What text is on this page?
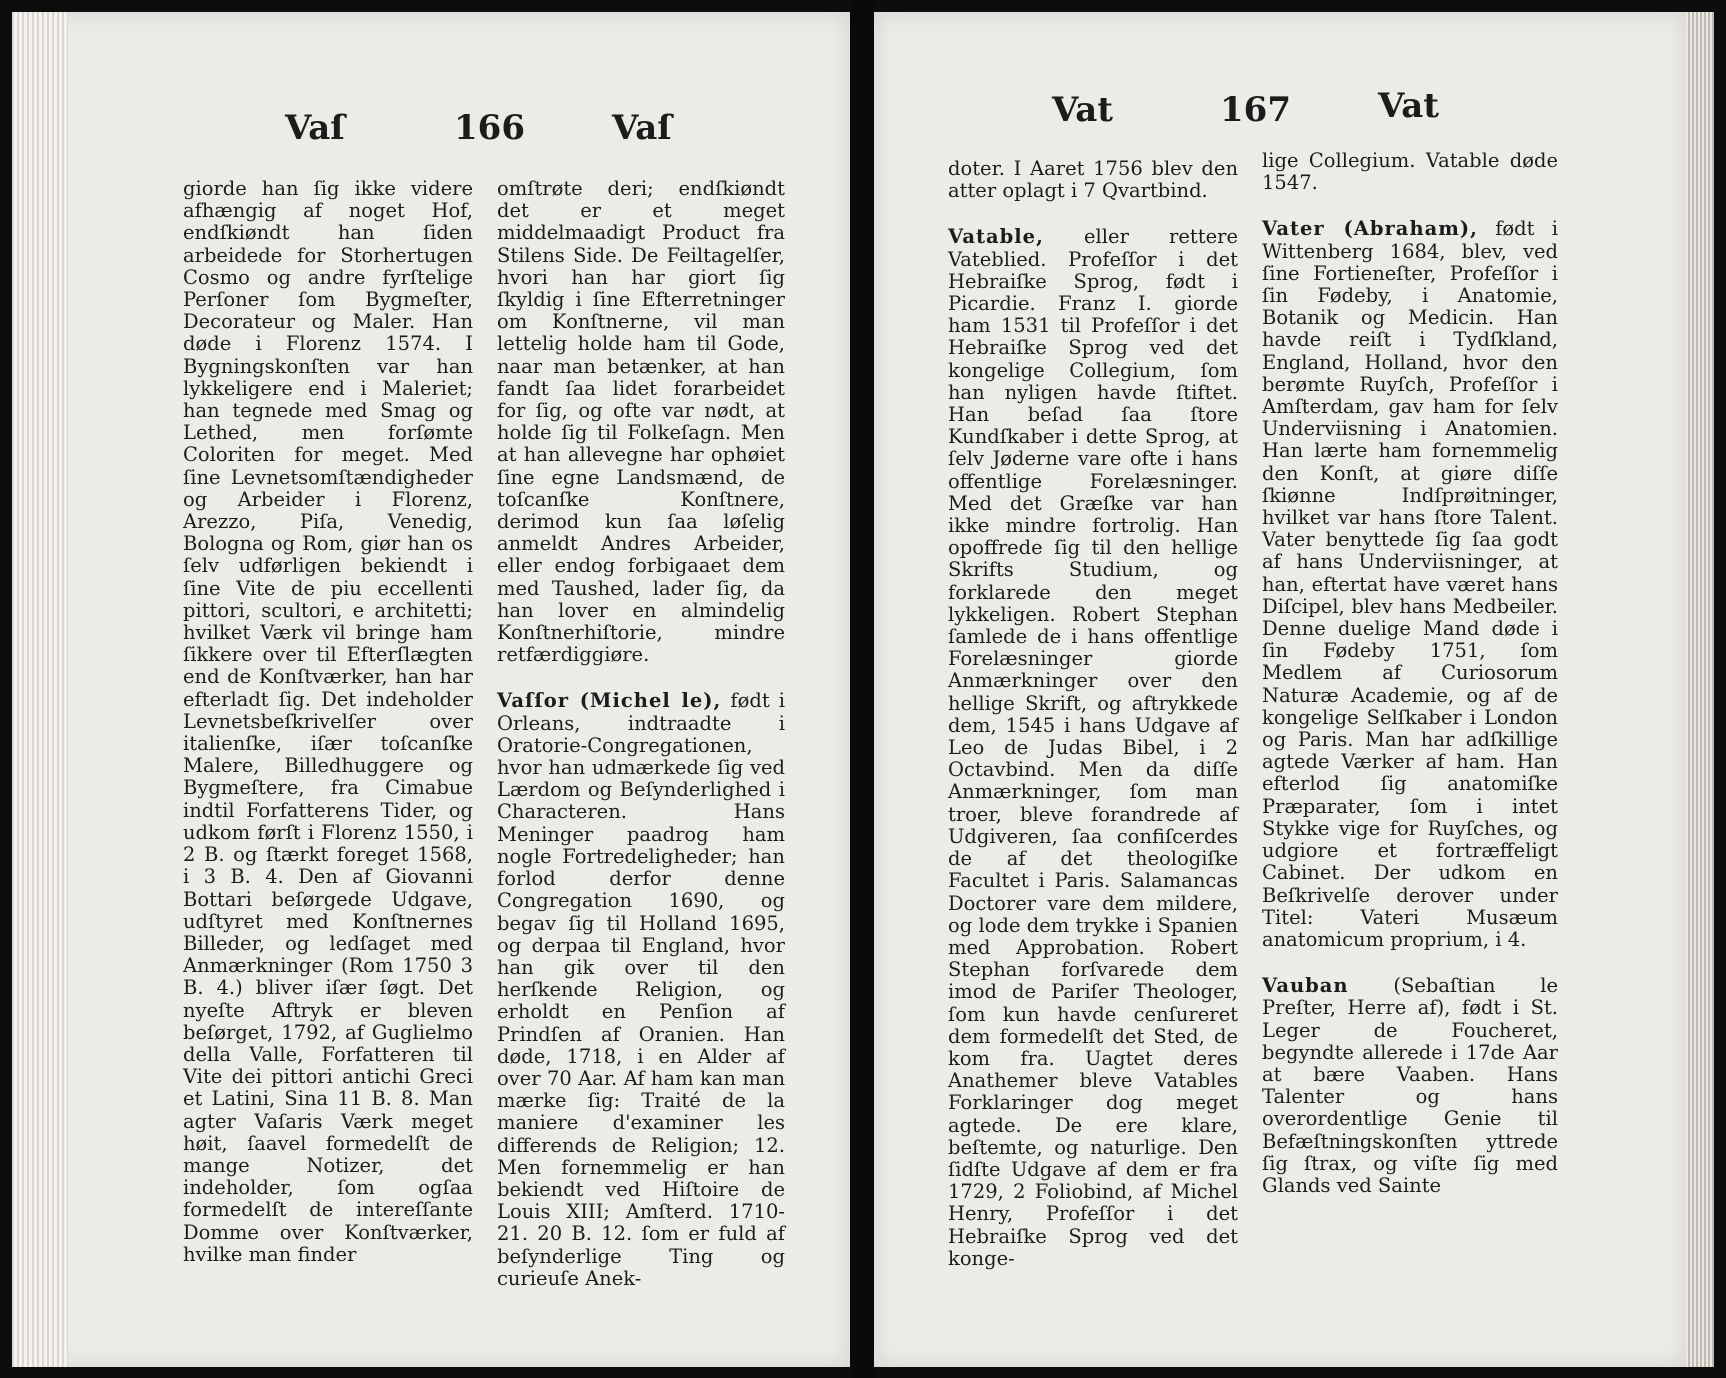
Vaſ	166	Vaſ

giorde han ſig ikke videre afhængig af noget Hof, endſkiøndt han ſiden arbeidede for Storhertugen Cosmo og andre fyrſtelige Perſoner ſom Bygmeſter, Decorateur og Maler. Han døde i Florenz 1574. I Bygningskonſten var han lykkeligere end i Maleriet; han tegnede med Smag og Lethed, men forſømte Coloriten for meget. Med ſine Levnetsomſtændigheder og Arbeider i Florenz, Arezzo, Piſa, Venedig, Bologna og Rom, giør han os ſelv udførligen bekiendt i ſine Vite de piu eccellenti pittori, scultori, e architetti; hvilket Værk vil bringe ham ſikkere over til Efterſlægten end de Konſtværker, han har efterladt ſig. Det indeholder Levnetsbeſkrivelſer over italienſke, iſær toſcanſke Malere, Billedhuggere og Bygmeſtere, fra Cimabue indtil Forfatterens Tider, og udkom førſt i Florenz 1550, i 2 B. og ſtærkt foreget 1568, i 3 B. 4. Den af Giovanni Bottari beſørgede Udgave, udſtyret med Konſtnernes Billeder, og ledſaget med Anmærkninger (Rom 1750 3 B. 4.) bliver iſær ſøgt. Det nyeſte Aftryk er bleven beſørget, 1792, af Guglielmo della Valle, Forfatteren til Vite dei pittori antichi Greci et Latini, Sina 11 B. 8. Man agter Vaſaris Værk meget høit, ſaavel formedelſt de mange Notizer, det indeholder, ſom ogſaa formedelſt de intereſſante Domme over Konſtværker, hvilke man finder

omſtrøte deri; endſkiøndt det er et meget middelmaadigt Product fra Stilens Side. De Feiltagelſer, hvori han har giort ſig ſkyldig i ſine Efterretninger om Konſtnerne, vil man lettelig holde ham til Gode, naar man betænker, at han fandt ſaa lidet forarbeidet for ſig, og ofte var nødt, at holde ſig til Folkeſagn. Men at han allevegne har ophøiet ſine egne Landsmænd, de toſcanſke Konſtnere, derimod kun ſaa løſelig anmeldt Andres Arbeider, eller endog forbigaaet dem med Taushed, lader ſig, da han lover en almindelig Konſtnerhiſtorie, mindre retfærdiggiøre.

Vaſſor (Michel le), født i Orleans, indtraadte i Oratorie-Congregationen, hvor han udmærkede ſig ved Lærdom og Beſynderlighed i Characteren. Hans Meninger paadrog ham nogle Fortredeligheder; han forlod derfor denne Congregation 1690, og begav ſig til Holland 1695, og derpaa til England, hvor han gik over til den herſkende Religion, og erholdt en Penſion af Prindſen af Oranien. Han døde, 1718, i en Alder af over 70 Aar. Af ham kan man mærke ſig: Traité de la maniere d'examiner les differends de Religion; 12. Men fornemmelig er han bekiendt ved Hiſtoire de Louis XIII; Amſterd. 1710-21. 20 B. 12. ſom er fuld af beſynderlige Ting og curieuſe Anek-

Vat	167	Vat

doter. I Aaret 1756 blev den atter oplagt i 7 Qvartbind.

Vatable, eller rettere Vateblied. Profeſſor i det Hebraiſke Sprog, født i Picardie. Franz I. giorde ham 1531 til Profeſſor i det Hebraiſke Sprog ved det kongelige Collegium, ſom han nyligen havde ſtiftet. Han beſad ſaa ſtore Kundſkaber i dette Sprog, at ſelv Jøderne vare ofte i hans offentlige Forelæsninger. Med det Græſke var han ikke mindre fortrolig. Han opoffrede ſig til den hellige Skrifts Studium, og forklarede den meget lykkeligen. Robert Stephan ſamlede de i hans offentlige Forelæsninger giorde Anmærkninger over den hellige Skrift, og aftrykkede dem, 1545 i hans Udgave af Leo de Judas Bibel, i 2 Octavbind. Men da diſſe Anmærkninger, ſom man troer, bleve forandrede af Udgiveren, ſaa confiſcerdes de af det theologiſke Facultet i Paris. Salamancas Doctorer vare dem mildere, og lode dem trykke i Spanien med Approbation. Robert Stephan forſvarede dem imod de Pariſer Theologer, ſom kun havde cenſureret dem formedelſt det Sted, de kom fra. Uagtet deres Anathemer bleve Vatables Forklaringer dog meget agtede. De ere klare, beſtemte, og naturlige. Den ſidſte Udgave af dem er fra 1729, 2 Foliobind, af Michel Henry, Profeſſor i det Hebraiſke Sprog ved det konge-

lige Collegium. Vatable døde 1547.

Vater (Abraham), født i Wittenberg 1684, blev, ved ſine Fortieneſter, Profeſſor i ſin Fødeby, i Anatomie, Botanik og Medicin. Han havde reiſt i Tydſkland, England, Holland, hvor den berømte Ruyſch, Profeſſor i Amſterdam, gav ham for ſelv Underviisning i Anatomien. Han lærte ham fornemmelig den Konſt, at giøre diſſe ſkiønne Indſprøitninger, hvilket var hans ſtore Talent. Vater benyttede ſig ſaa godt af hans Underviisninger, at han, eftertat have været hans Diſcipel, blev hans Medbeiler. Denne duelige Mand døde i ſin Fødeby 1751, ſom Medlem af Curiosorum Naturæ Academie, og af de kongelige Selſkaber i London og Paris. Man har adſkillige agtede Værker af ham. Han efterlod ſig anatomiſke Præparater, ſom i intet Stykke vige for Ruyſches, og udgiore et fortræffeligt Cabinet. Der udkom en Beſkrivelſe derover under Titel: Vateri Musæum anatomicum proprium, i 4.

Vauban (Sebaſtian le Preſter, Herre af), født i St. Leger de Foucheret, begyndte allerede i 17de Aar at bære Vaaben. Hans Talenter og hans overordentlige Genie til Befæſtningskonſten yttrede ſig ſtrax, og viſte ſig med Glands ved Sainte
